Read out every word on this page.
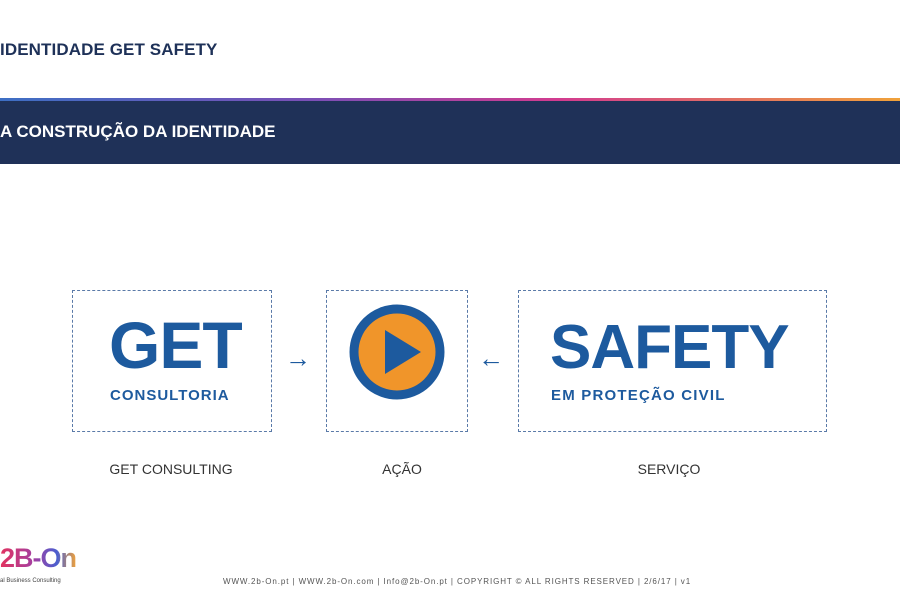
IDENTIDADE GET SAFETY
A CONSTRUÇÃO DA IDENTIDADE
GET
CONSULTORIA
→	← SAFETY
EM PROTEÇÃO CIVIL
GET CONSULTING	AÇÃO	SERVIÇO
2B-On
al Business Consulting	WWW.2b-On.pt | WWW.2b-On.com | Info@2b-On.pt | COPYRIGHT © ALL RIGHTS RESERVED | 2/6/17 | v1
